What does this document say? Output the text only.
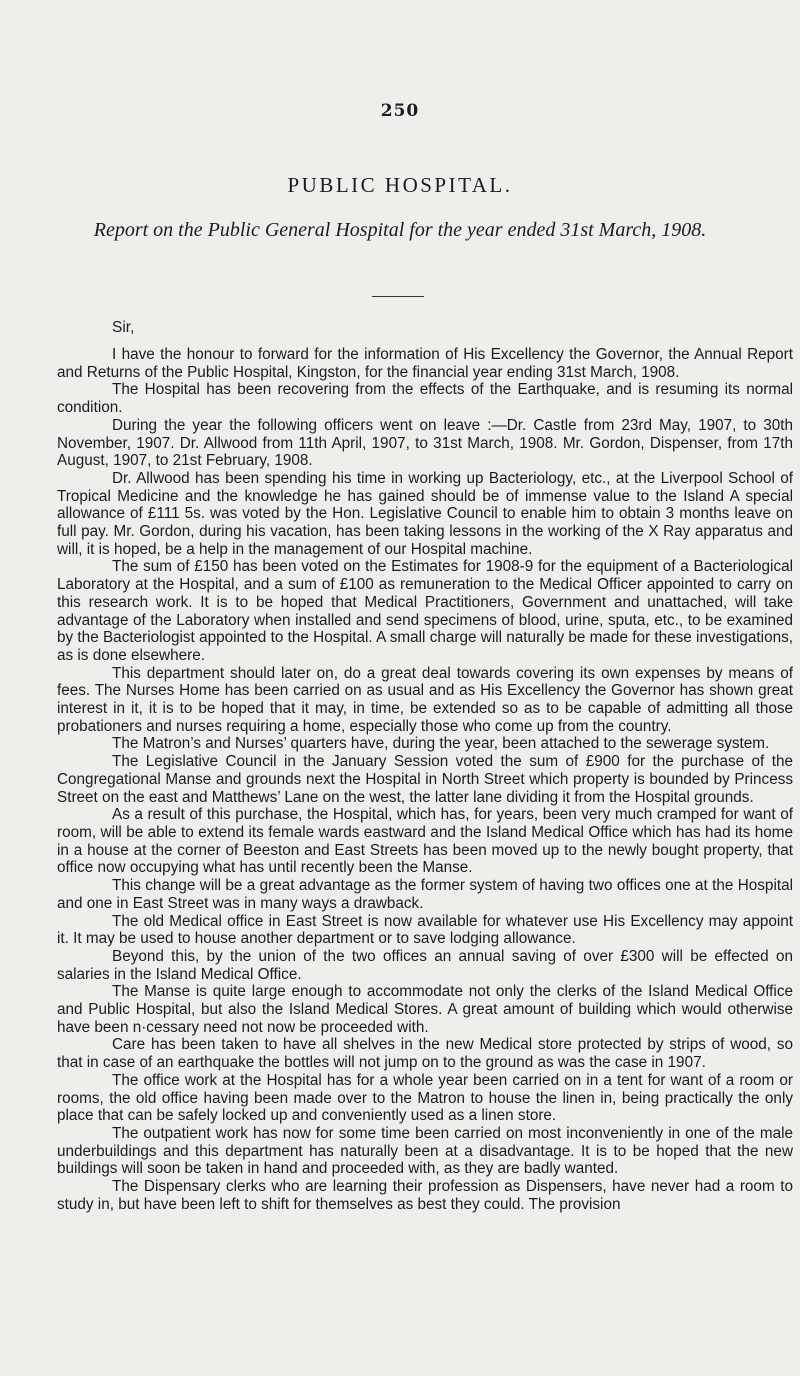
250
PUBLIC HOSPITAL.
Report on the Public General Hospital for the year ended 31st March, 1908.
Sir,

I have the honour to forward for the information of His Excellency the Governor, the Annual Report and Returns of the Public Hospital, Kingston, for the financial year ending 31st March, 1908.

The Hospital has been recovering from the effects of the Earthquake, and is resuming its normal condition.

During the year the following officers went on leave :—Dr. Castle from 23rd May, 1907, to 30th November, 1907. Dr. Allwood from 11th April, 1907, to 31st March, 1908. Mr. Gordon, Dispenser, from 17th August, 1907, to 21st February, 1908.

Dr. Allwood has been spending his time in working up Bacteriology, etc., at the Liverpool School of Tropical Medicine and the knowledge he has gained should be of immense value to the Island A special allowance of £111 5s. was voted by the Hon. Legislative Council to enable him to obtain 3 months leave on full pay. Mr. Gordon, during his vacation, has been taking lessons in the working of the X Ray apparatus and will, it is hoped, be a help in the management of our Hospital machine.

The sum of £150 has been voted on the Estimates for 1908-9 for the equipment of a Bacteriological Laboratory at the Hospital, and a sum of £100 as remuneration to the Medical Officer appointed to carry on this research work. It is to be hoped that Medical Practitioners, Government and unattached, will take advantage of the Laboratory when installed and send specimens of blood, urine, sputa, etc., to be examined by the Bacteriologist appointed to the Hospital. A small charge will naturally be made for these investigations, as is done elsewhere.

This department should later on, do a great deal towards covering its own expenses by means of fees. The Nurses Home has been carried on as usual and as His Excellency the Governor has shown great interest in it, it is to be hoped that it may, in time, be extended so as to be capable of admitting all those probationers and nurses requiring a home, especially those who come up from the country.

The Matron’s and Nurses’ quarters have, during the year, been attached to the sewerage system.

The Legislative Council in the January Session voted the sum of £900 for the purchase of the Congregational Manse and grounds next the Hospital in North Street which property is bounded by Princess Street on the east and Matthews’ Lane on the west, the latter lane dividing it from the Hospital grounds.

As a result of this purchase, the Hospital, which has, for years, been very much cramped for want of room, will be able to extend its female wards eastward and the Island Medical Office which has had its home in a house at the corner of Beeston and East Streets has been moved up to the newly bought property, that office now occupying what has until recently been the Manse.

This change will be a great advantage as the former system of having two offices one at the Hospital and one in East Street was in many ways a drawback.

The old Medical office in East Street is now available for whatever use His Excellency may appoint it. It may be used to house another department or to save lodging allowance.

Beyond this, by the union of the two offices an annual saving of over £300 will be effected on salaries in the Island Medical Office.

The Manse is quite large enough to accommodate not only the clerks of the Island Medical Office and Public Hospital, but also the Island Medical Stores. A great amount of building which would otherwise have been n·cessary need not now be proceeded with.

Care has been taken to have all shelves in the new Medical store protected by strips of wood, so that in case of an earthquake the bottles will not jump on to the ground as was the case in 1907.

The office work at the Hospital has for a whole year been carried on in a tent for want of a room or rooms, the old office having been made over to the Matron to house the linen in, being practically the only place that can be safely locked up and conveniently used as a linen store.

The outpatient work has now for some time been carried on most inconveniently in one of the male underbuildings and this department has naturally been at a disadvantage. It is to be hoped that the new buildings will soon be taken in hand and proceeded with, as they are badly wanted.

The Dispensary clerks who are learning their profession as Dispensers, have never had a room to study in, but have been left to shift for themselves as best they could. The provision
